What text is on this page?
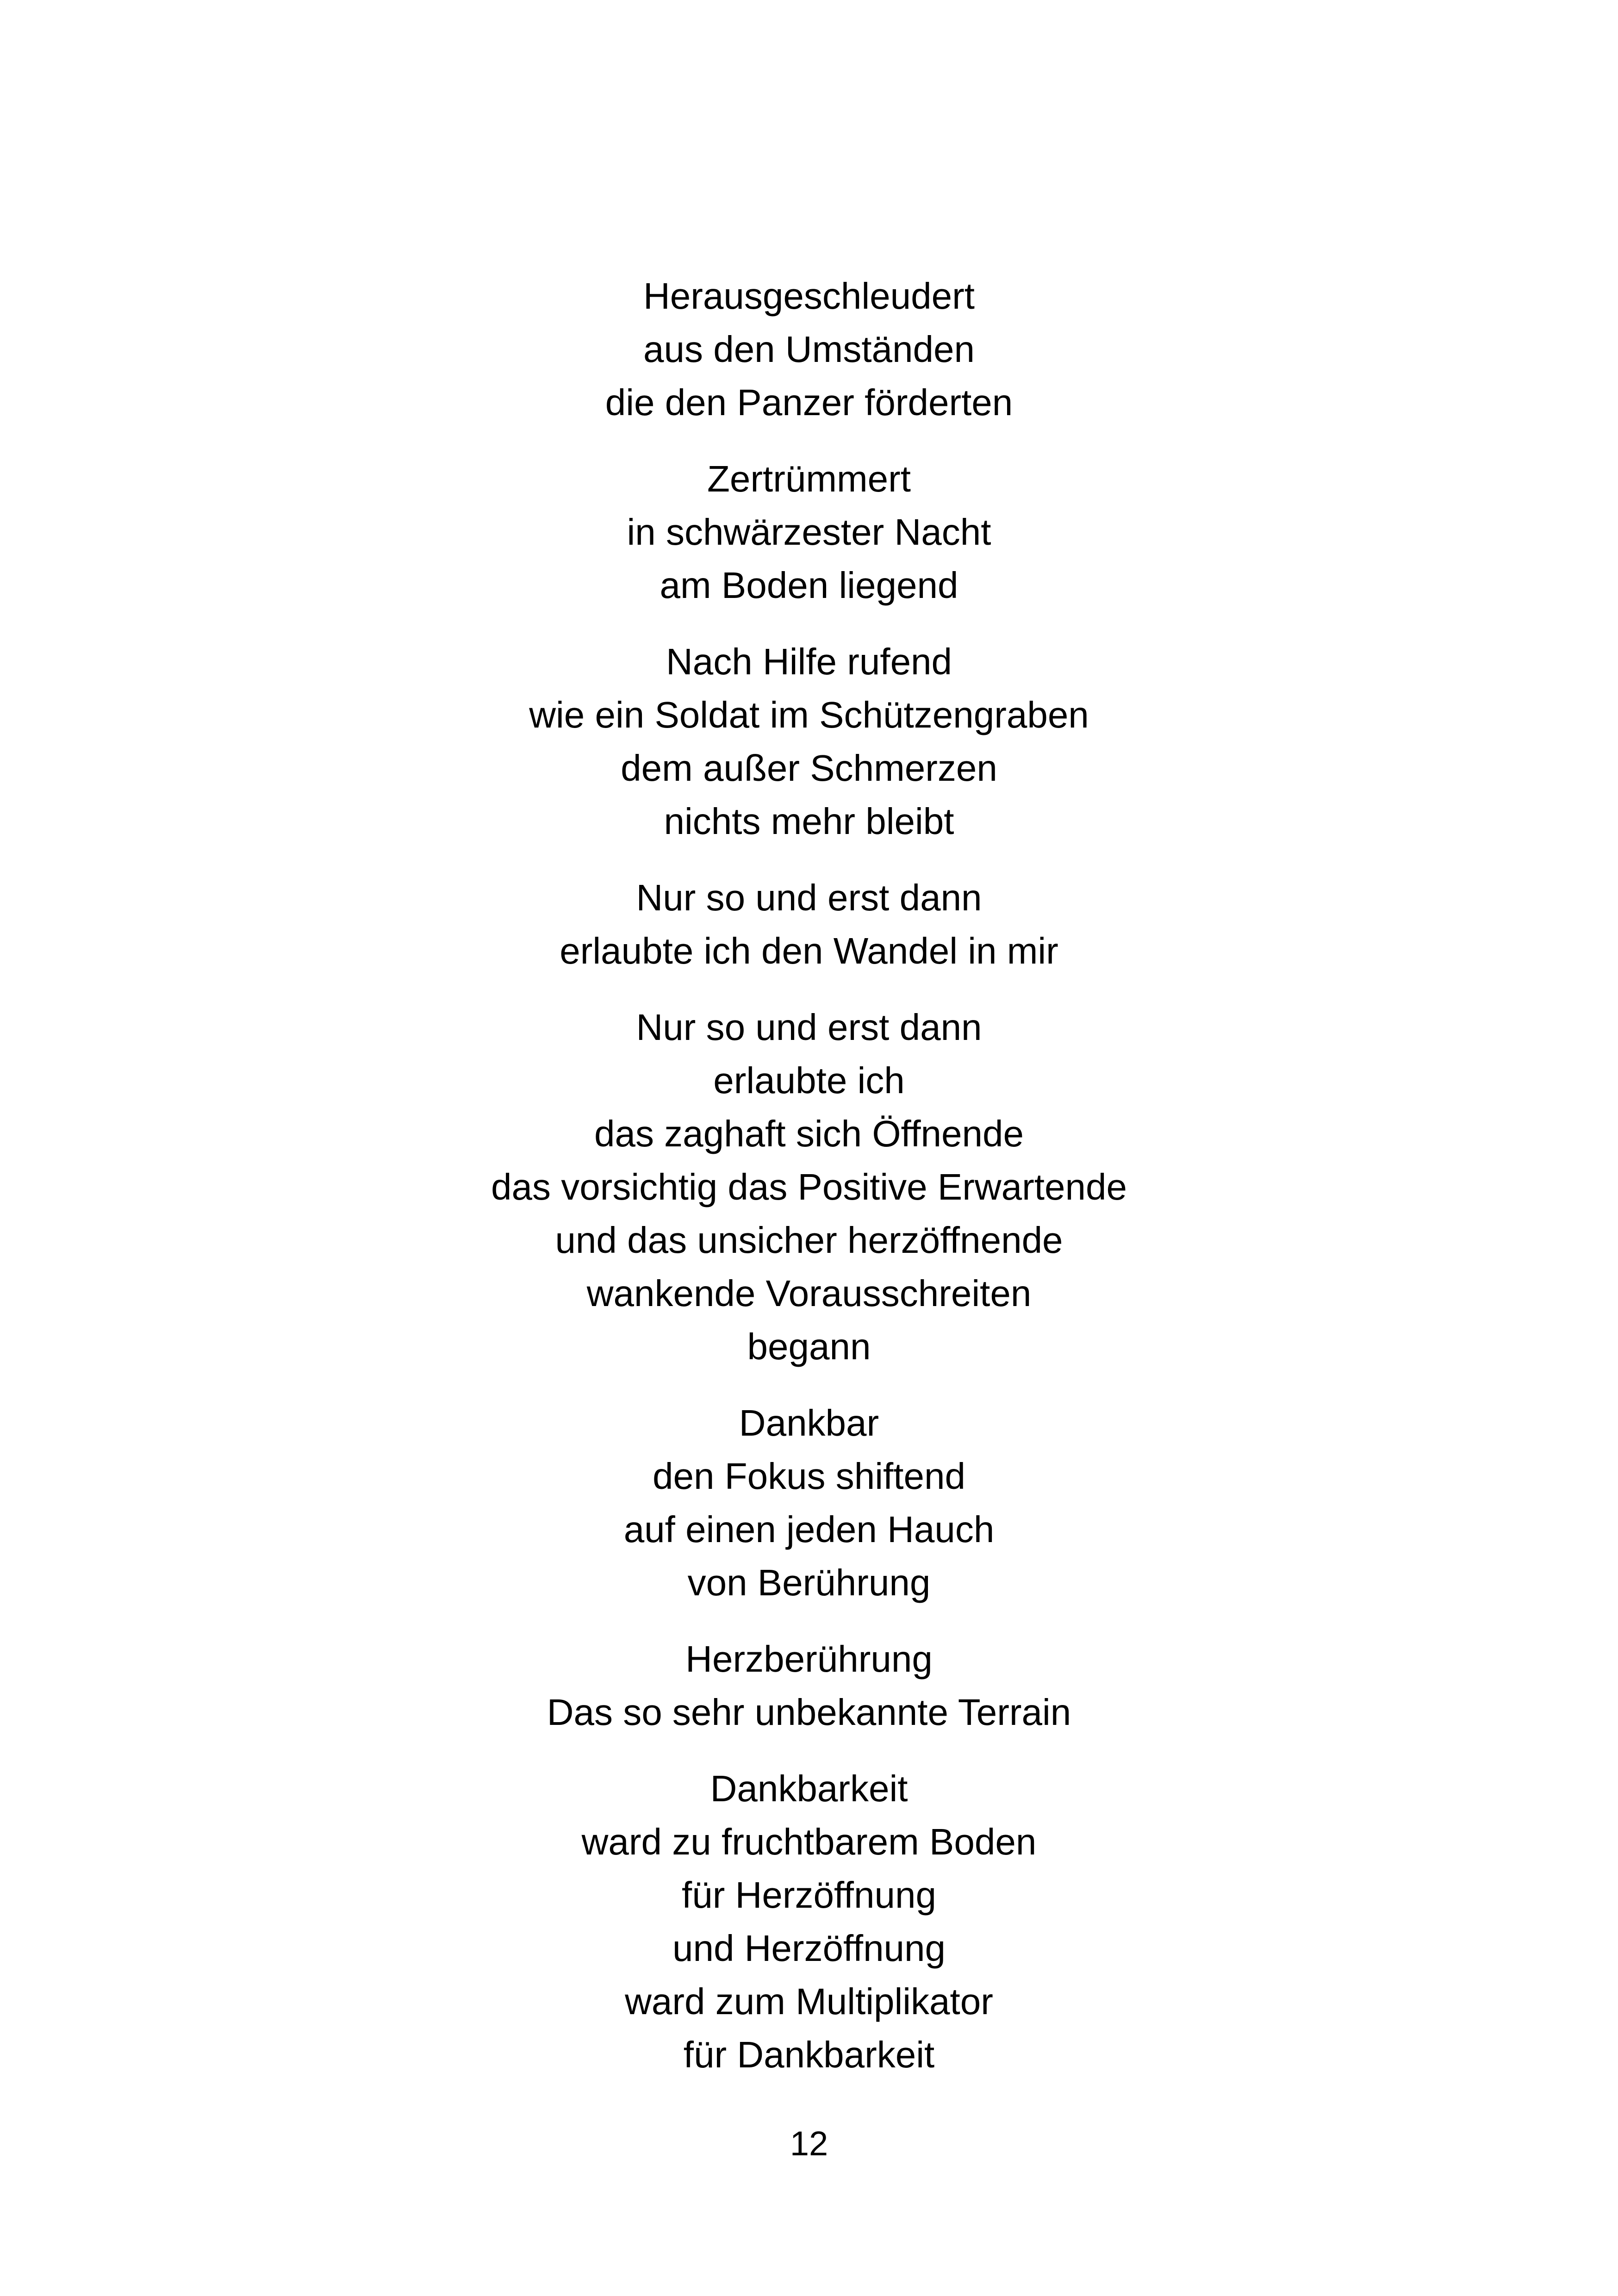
Herausgeschleudert
aus den Umständen
die den Panzer förderten
Zertrümmert
in schwärzester Nacht
am Boden liegend
Nach Hilfe rufend
wie ein Soldat im Schützengraben
dem außer Schmerzen
nichts mehr bleibt
Nur so und erst dann
erlaubte ich den Wandel in mir
Nur so und erst dann
erlaubte ich
das zaghaft sich Öffnende
das vorsichtig das Positive Erwartende
und das unsicher herzöffnende
wankende Vorausschreiten
begann
Dankbar
den Fokus shiftend
auf einen jeden Hauch
von Berührung
Herzberührung
Das so sehr unbekannte Terrain
Dankbarkeit
ward zu fruchtbarem Boden
für Herzöffnung
und Herzöffnung
ward zum Multiplikator
für Dankbarkeit
12
